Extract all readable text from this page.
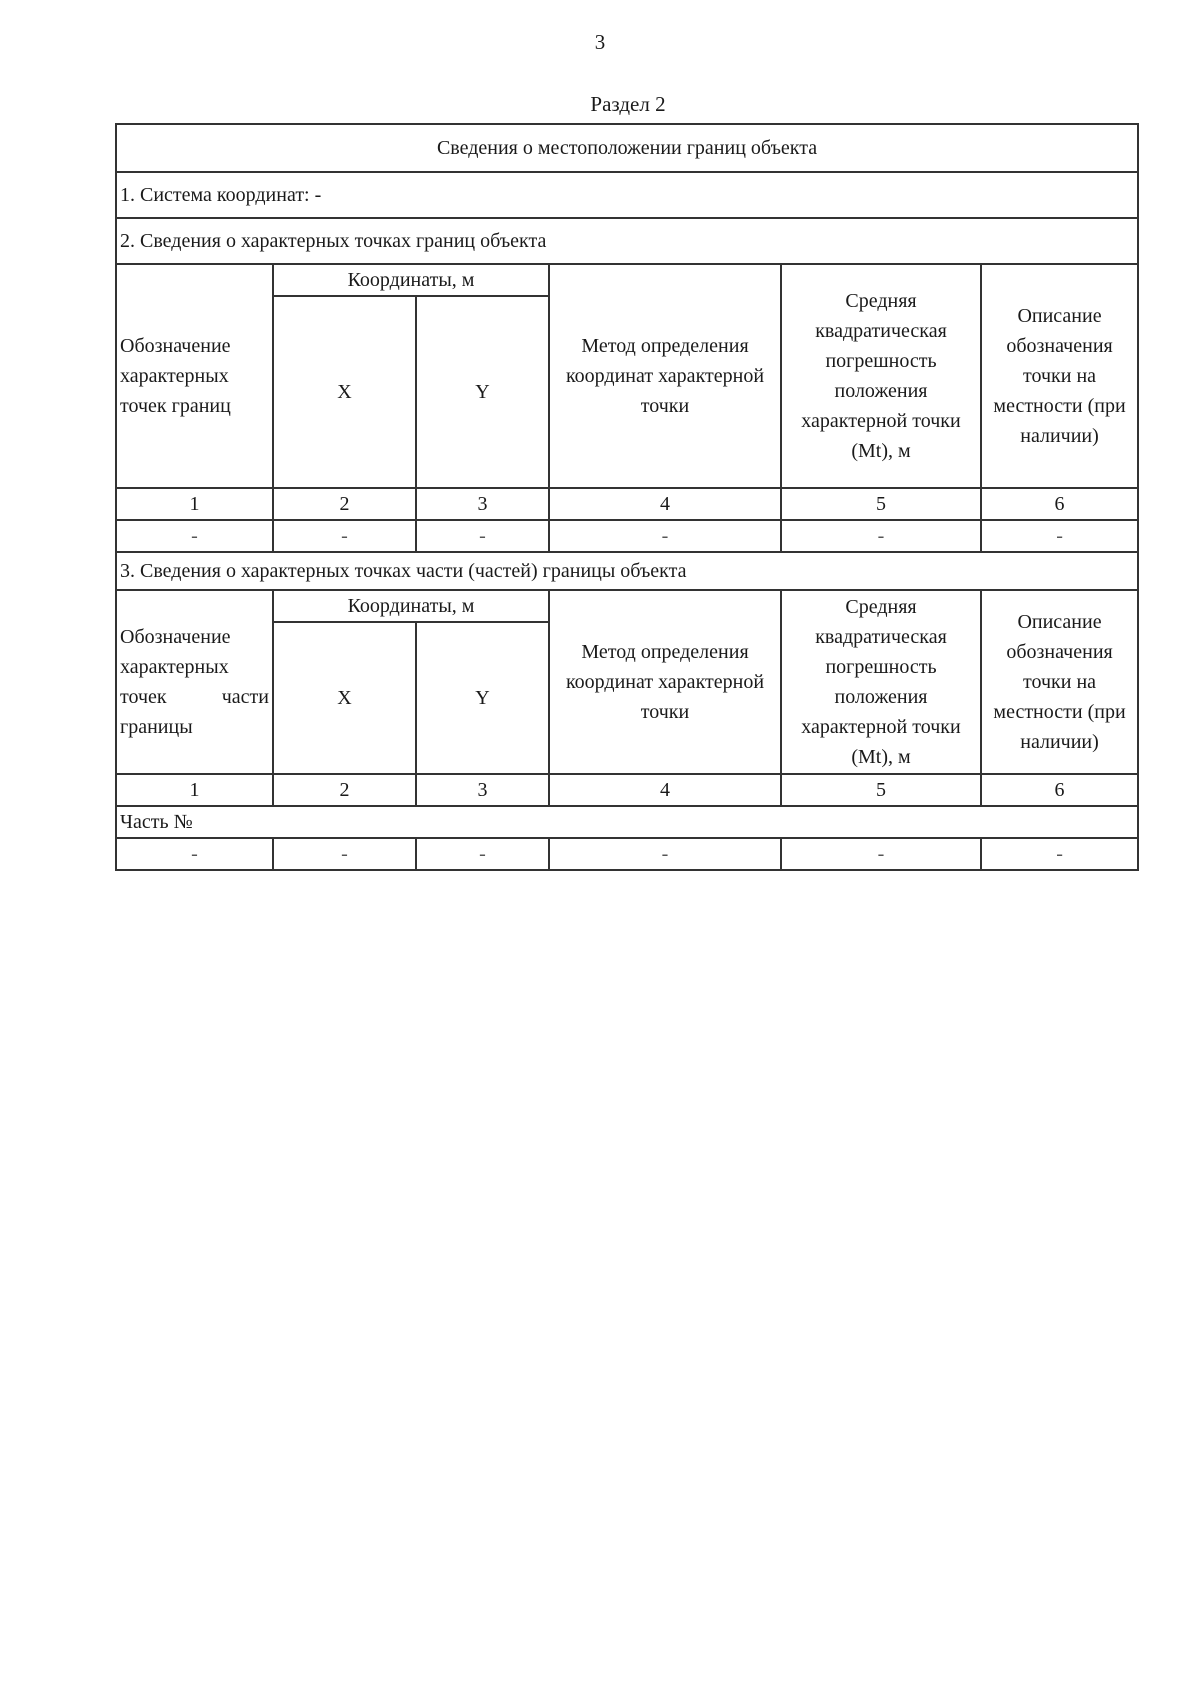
3
Раздел 2
Сведения о местоположении границ объекта					
1. Система координат: -					
2. Сведения о характерных точках границ объекта					
Обозначение характерных точек границ	Координаты, м		Метод определения координат характерной точки	Средняя квадратическая погрешность положения характерной точки (Mt), м	Описание обозначения точки на местности (при наличии)
	X	Y			
1	2	3	4	5	6
-	-	-	-	-	-
3. Сведения о характерных точках части (частей) границы объекта					
Обозначение характерных точек части границы	Координаты, м		Метод определения координат характерной точки	Средняя квадратическая погрешность положения характерной точки (Mt), м	Описание обозначения точки на местности (при наличии)
	X	Y			
1	2	3	4	5	6
Часть №					
-	-	-	-	-	-
